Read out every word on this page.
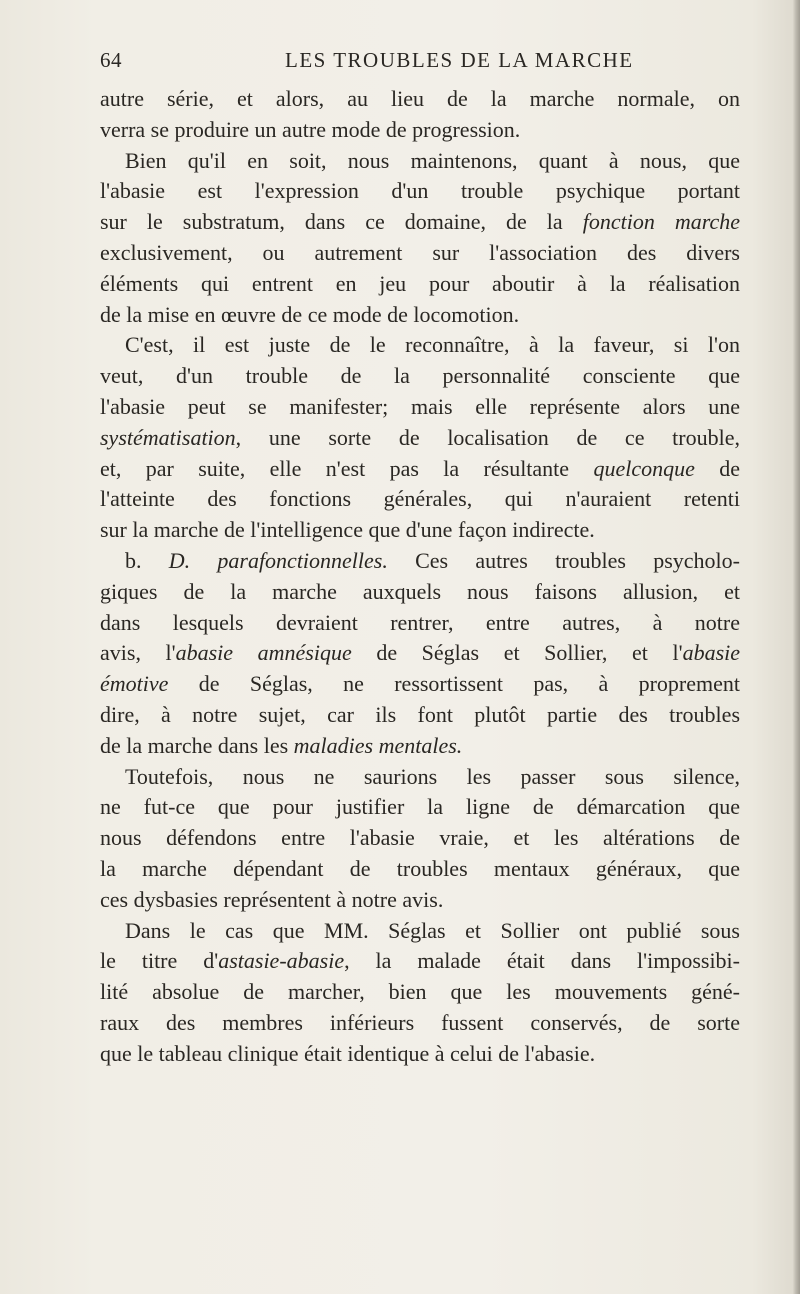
64	LES TROUBLES DE LA MARCHE
autre série, et alors, au lieu de la marche normale, on
verra se produire un autre mode de progression.
Bien qu'il en soit, nous maintenons, quant à nous, que
l'abasie est l'expression d'un trouble psychique portant
sur le substratum, dans ce domaine, de la fonction marche
exclusivement, ou autrement sur l'association des divers
éléments qui entrent en jeu pour aboutir à la réalisation
de la mise en œuvre de ce mode de locomotion.
C'est, il est juste de le reconnaître, à la faveur, si l'on
veut, d'un trouble de la personnalité consciente que
l'abasie peut se manifester; mais elle représente alors une
systématisation, une sorte de localisation de ce trouble,
et, par suite, elle n'est pas la résultante quelconque de
l'atteinte des fonctions générales, qui n'auraient retenti
sur la marche de l'intelligence que d'une façon indirecte.
b. D. parafonctionnelles. Ces autres troubles psycholo-
giques de la marche auxquels nous faisons allusion, et
dans lesquels devraient rentrer, entre autres, à notre
avis, l'abasie amnésique de Séglas et Sollier, et l'abasie
émotive de Séglas, ne ressortissent pas, à proprement
dire, à notre sujet, car ils font plutôt partie des troubles
de la marche dans les maladies mentales.
Toutefois, nous ne saurions les passer sous silence,
ne fut-ce que pour justifier la ligne de démarcation que
nous défendons entre l'abasie vraie, et les altérations de
la marche dépendant de troubles mentaux généraux, que
ces dysbasies représentent à notre avis.
Dans le cas que MM. Séglas et Sollier ont publié sous
le titre d'astasie-abasie, la malade était dans l'impossibi-
lité absolue de marcher, bien que les mouvements géné-
raux des membres inférieurs fussent conservés, de sorte
que le tableau clinique était identique à celui de l'abasie.
